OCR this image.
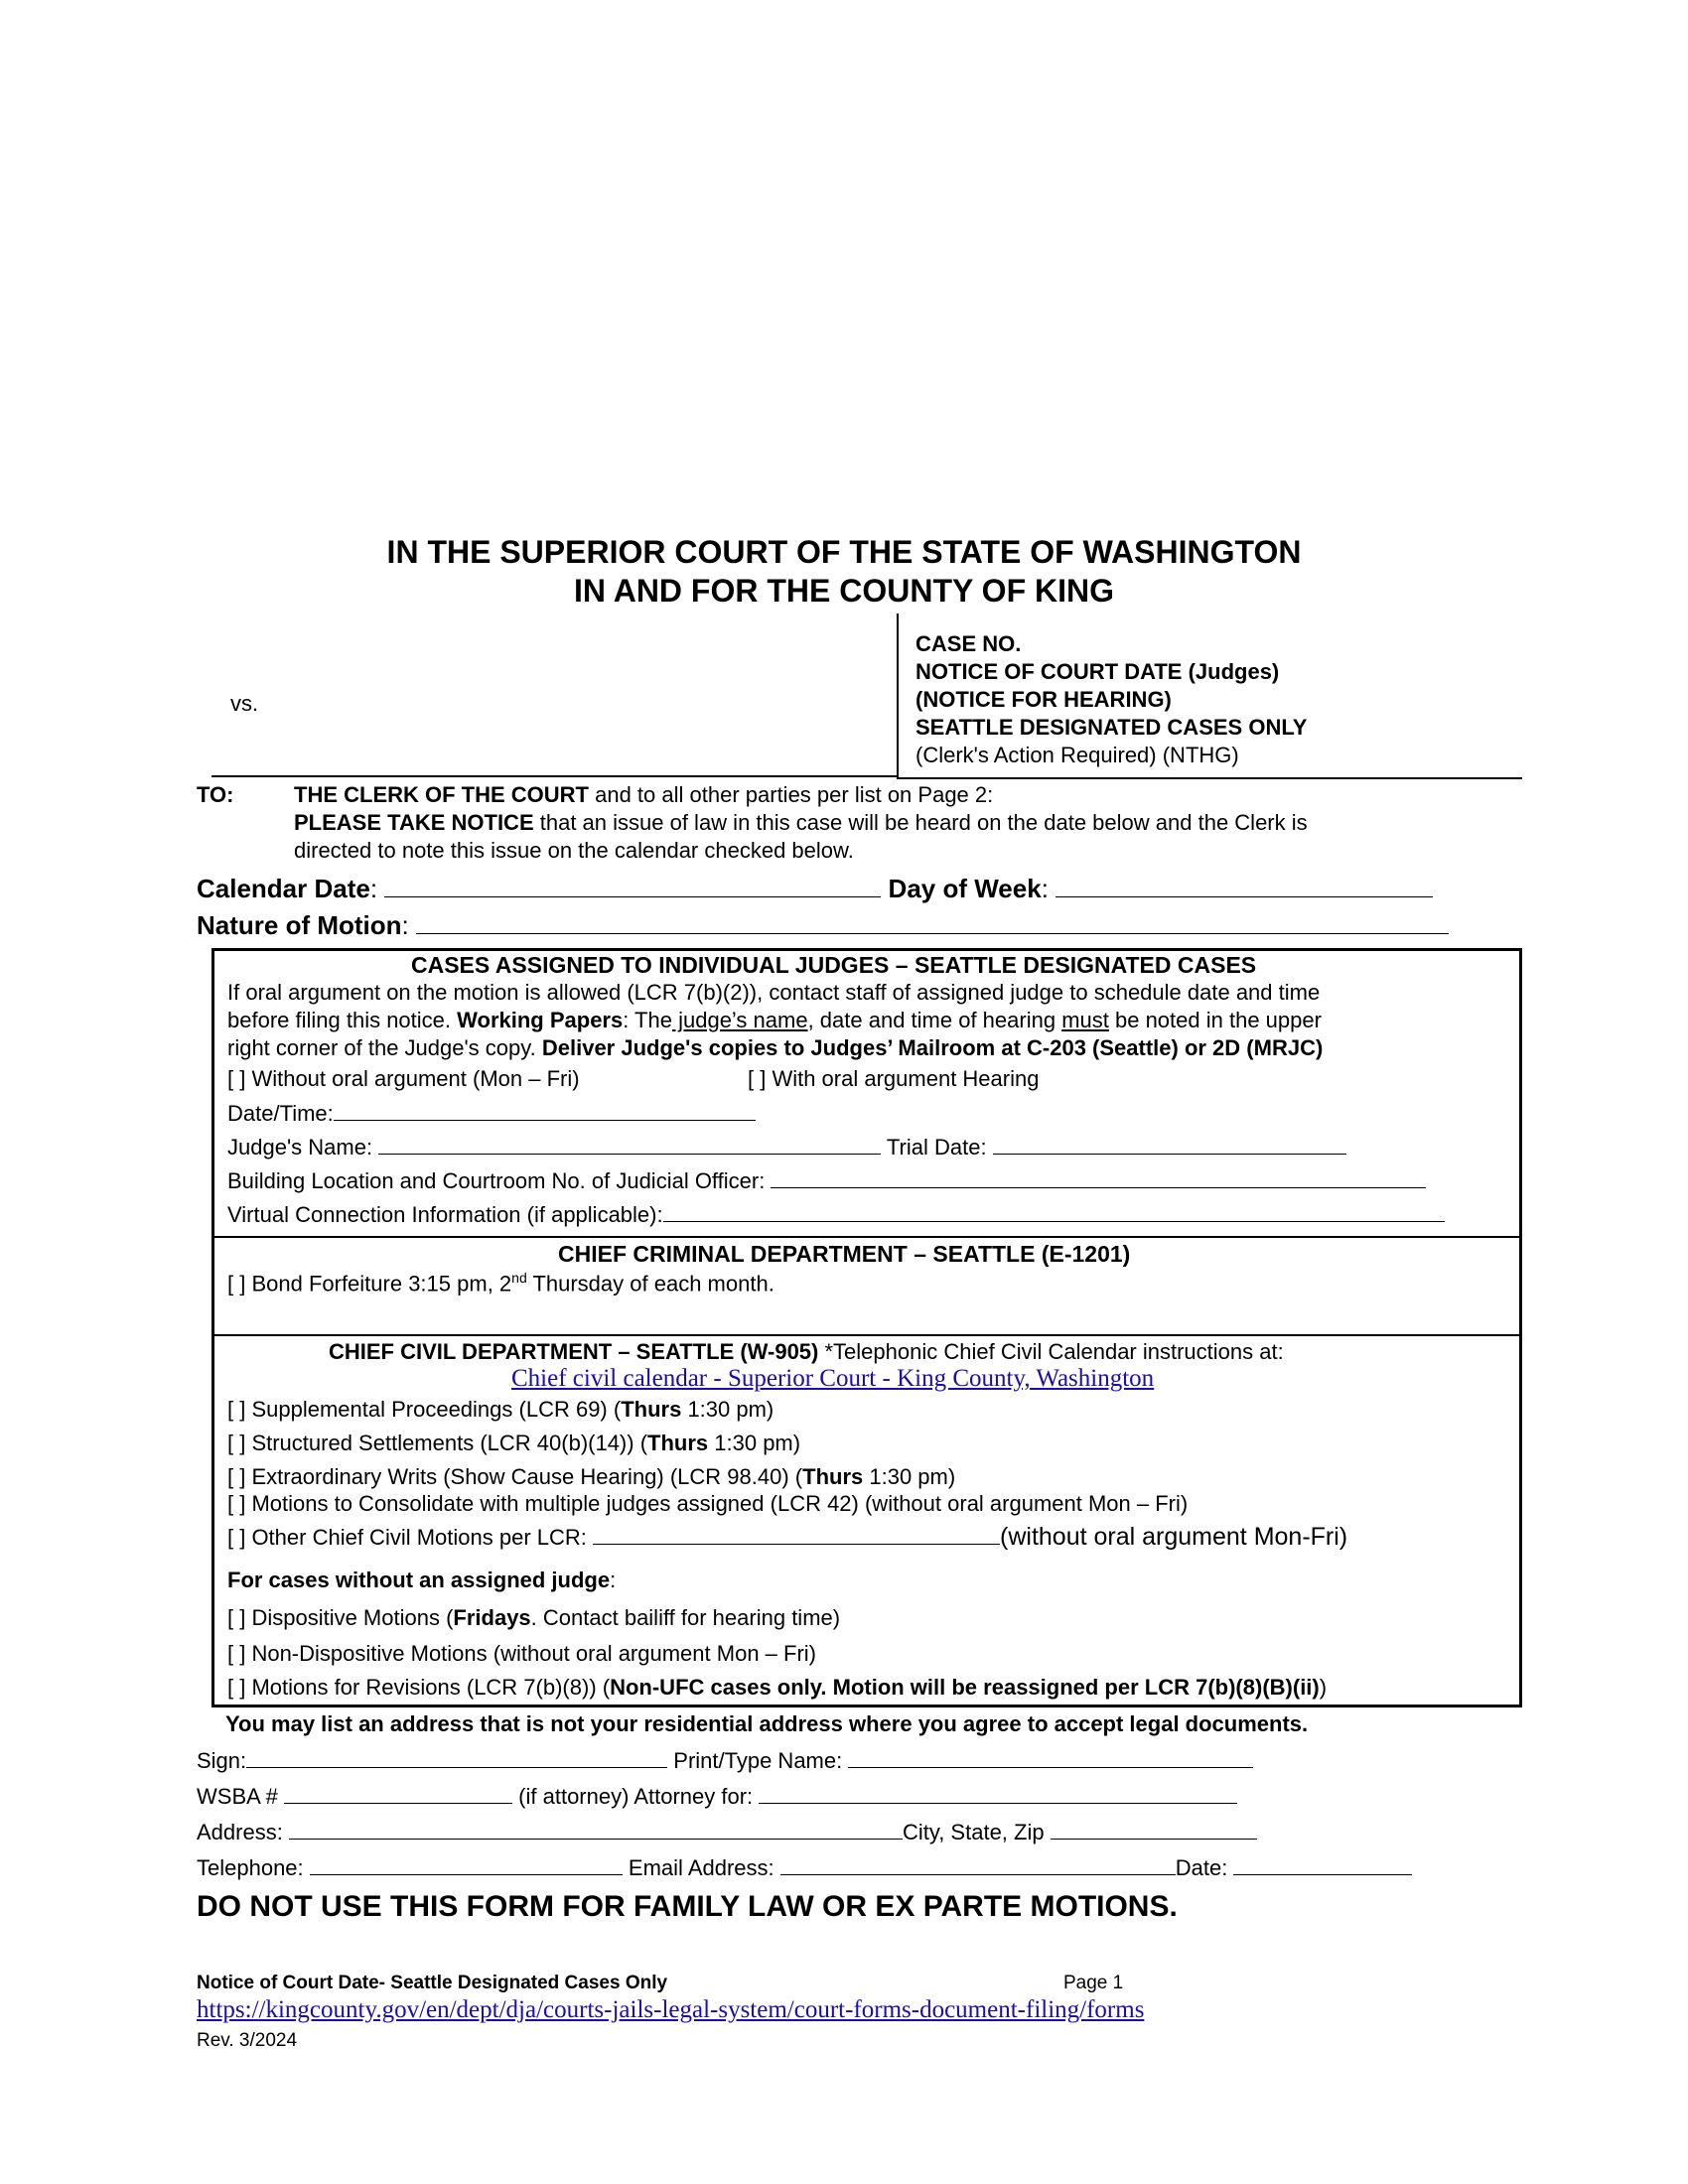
IN THE SUPERIOR COURT OF THE STATE OF WASHINGTON
IN AND FOR THE COUNTY OF KING
vs.
CASE NO.
NOTICE OF COURT DATE (Judges)
(NOTICE FOR HEARING)
SEATTLE DESIGNATED CASES ONLY
(Clerk's Action Required) (NTHG)
TO:	THE CLERK OF THE COURT and to all other parties per list on Page 2:
PLEASE TAKE NOTICE that an issue of law in this case will be heard on the date below and the Clerk is
directed to note this issue on the calendar checked below.
Calendar Date:	Day of Week:
Nature of Motion:
CASES ASSIGNED TO INDIVIDUAL JUDGES – SEATTLE DESIGNATED CASES
If oral argument on the motion is allowed (LCR 7(b)(2)), contact staff of assigned judge to schedule date and time
before filing this notice. Working Papers: The judge’s name, date and time of hearing must be noted in the upper
right corner of the Judge's copy. Deliver Judge's copies to Judges’ Mailroom at C-203 (Seattle) or 2D (MRJC)
[ ] Without oral argument (Mon – Fri)	[ ] With oral argument Hearing
Date/Time:
Judge's Name:	Trial Date:
Building Location and Courtroom No. of Judicial Officer:
Virtual Connection Information (if applicable):
CHIEF CRIMINAL DEPARTMENT – SEATTLE (E-1201)
[ ] Bond Forfeiture 3:15 pm, 2nd Thursday of each month.
CHIEF CIVIL DEPARTMENT – SEATTLE (W-905) *Telephonic Chief Civil Calendar instructions at:
Chief civil calendar - Superior Court - King County, Washington
[ ] Supplemental Proceedings (LCR 69) (Thurs 1:30 pm)
[ ] Structured Settlements (LCR 40(b)(14)) (Thurs 1:30 pm)
[ ] Extraordinary Writs (Show Cause Hearing) (LCR 98.40) (Thurs 1:30 pm)
[ ] Motions to Consolidate with multiple judges assigned (LCR 42) (without oral argument Mon – Fri)
[ ] Other Chief Civil Motions per LCR:	(without oral argument Mon-Fri)
For cases without an assigned judge:
[ ] Dispositive Motions (Fridays. Contact bailiff for hearing time)
[ ] Non-Dispositive Motions (without oral argument Mon – Fri)
[ ] Motions for Revisions (LCR 7(b)(8)) (Non-UFC cases only. Motion will be reassigned per LCR 7(b)(8)(B)(ii))
You may list an address that is not your residential address where you agree to accept legal documents.
Sign:	Print/Type Name:
WSBA #	(if attorney) Attorney for:
Address:	City, State, Zip
Telephone:	Email Address:	Date:
DO NOT USE THIS FORM FOR FAMILY LAW OR EX PARTE MOTIONS.
Notice of Court Date- Seattle Designated Cases Only	Page 1
https://kingcounty.gov/en/dept/dja/courts-jails-legal-system/court-forms-document-filing/forms
Rev. 3/2024
